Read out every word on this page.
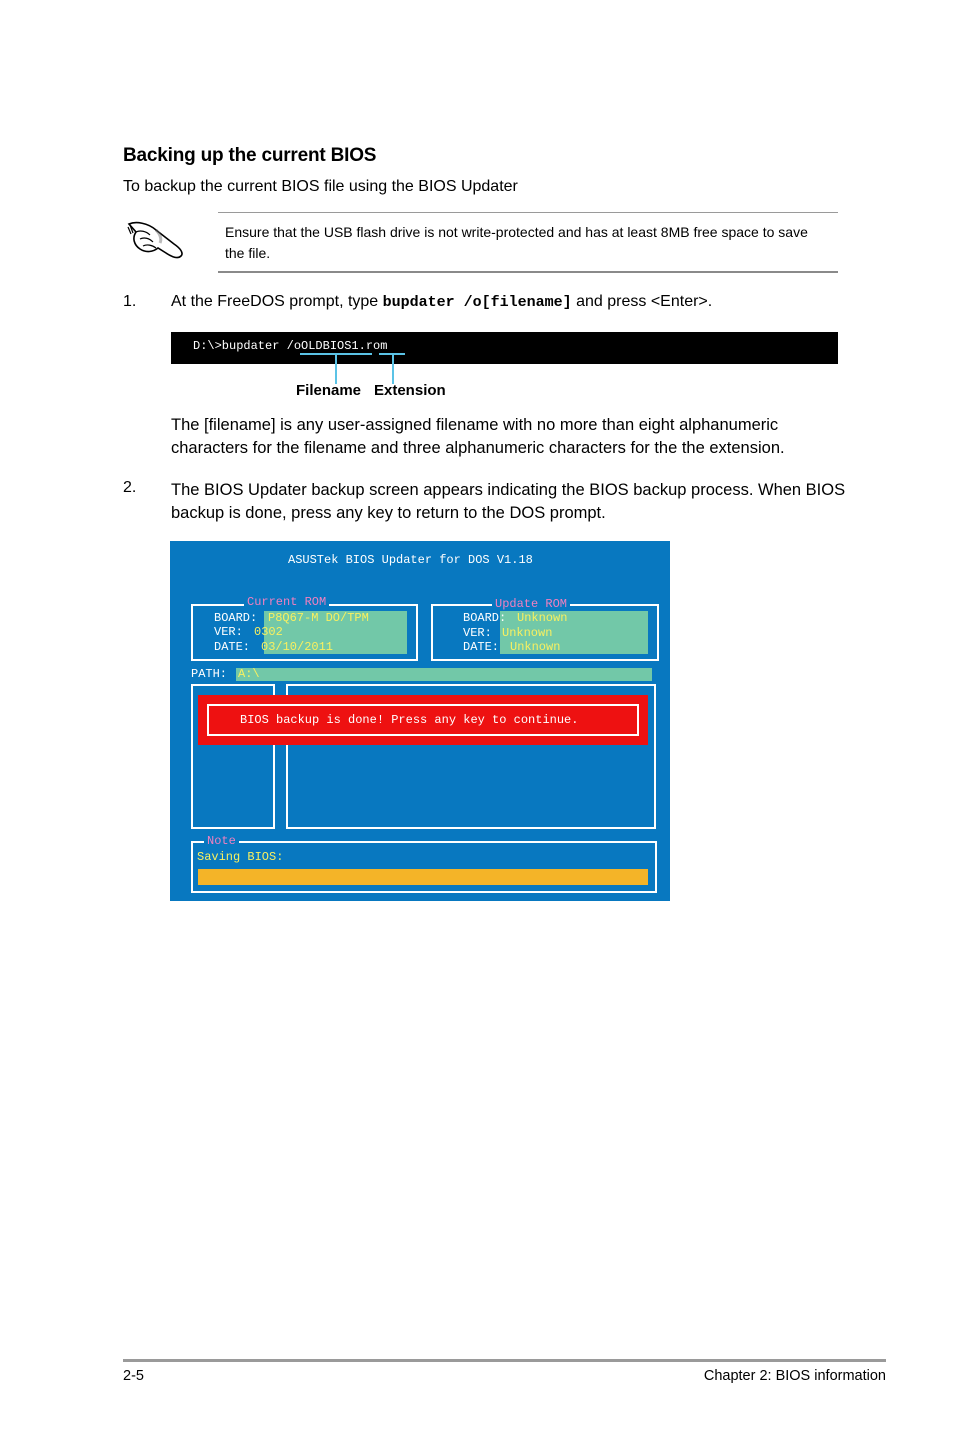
Backing up the current BIOS
To backup the current BIOS file using the BIOS Updater
Ensure that the USB flash drive is not write-protected and has at least 8MB free space to save the file.
1. At the FreeDOS prompt, type bupdater /o[filename] and press <Enter>.
D:\>bupdater /oOLDBIOS1.rom
Filename Extension
The [filename] is any user-assigned filename with no more than eight alphanumeric characters for the filename and three alphanumeric characters for the the extension.
2. The BIOS Updater backup screen appears indicating the BIOS backup process. When BIOS backup is done, press any key to return to the DOS prompt.
ASUSTek BIOS Updater for DOS V1.18
Current ROM
BOARD: P8Q67-M DO/TPM
VER: 0302
DATE: 03/10/2011
Update ROM
BOARD: Unknown
VER: Unknown
DATE: Unknown
PATH: A:\
BIOS backup is done! Press any key to continue.
Note
Saving BIOS:
2-5	Chapter 2: BIOS information
